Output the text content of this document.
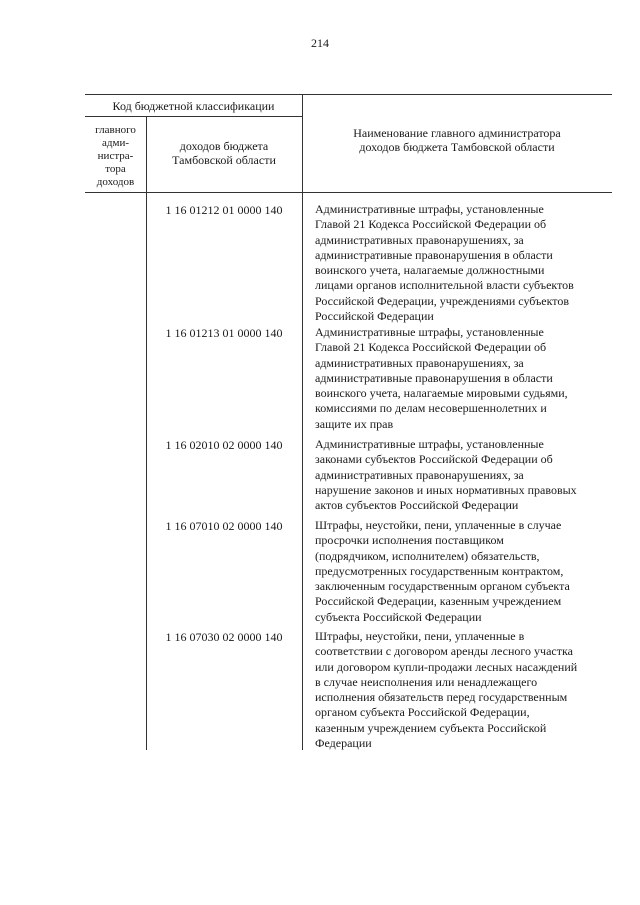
214
Код бюджетной классификации
главного
адми-
нистра-
тора
доходов
доходов бюджета
Тамбовской области
Наименование главного администратора
доходов бюджета Тамбовской области
1 16 01212 01 0000 140	Административные штрафы, установленные
Главой 21 Кодекса Российской Федерации об
административных правонарушениях, за
административные правонарушения в области
воинского учета, налагаемые должностными
лицами органов исполнительной власти субъектов
Российской Федерации, учреждениями субъектов
Российской Федерации
1 16 01213 01 0000 140	Административные штрафы, установленные
Главой 21 Кодекса Российской Федерации об
административных правонарушениях, за
административные правонарушения в области
воинского учета, налагаемые мировыми судьями,
комиссиями по делам несовершеннолетних и
защите их прав
1 16 02010 02 0000 140	Административные штрафы, установленные
законами субъектов Российской Федерации об
административных правонарушениях, за
нарушение законов и иных нормативных правовых
актов субъектов Российской Федерации
1 16 07010 02 0000 140	Штрафы, неустойки, пени, уплаченные в случае
просрочки исполнения поставщиком
(подрядчиком, исполнителем) обязательств,
предусмотренных государственным контрактом,
заключенным государственным органом субъекта
Российской Федерации, казенным учреждением
субъекта Российской Федерации
1 16 07030 02 0000 140	Штрафы, неустойки, пени, уплаченные в
соответствии с договором аренды лесного участка
или договором купли-продажи лесных насаждений
в случае неисполнения или ненадлежащего
исполнения обязательств перед государственным
органом субъекта Российской Федерации,
казенным учреждением субъекта Российской
Федерации
